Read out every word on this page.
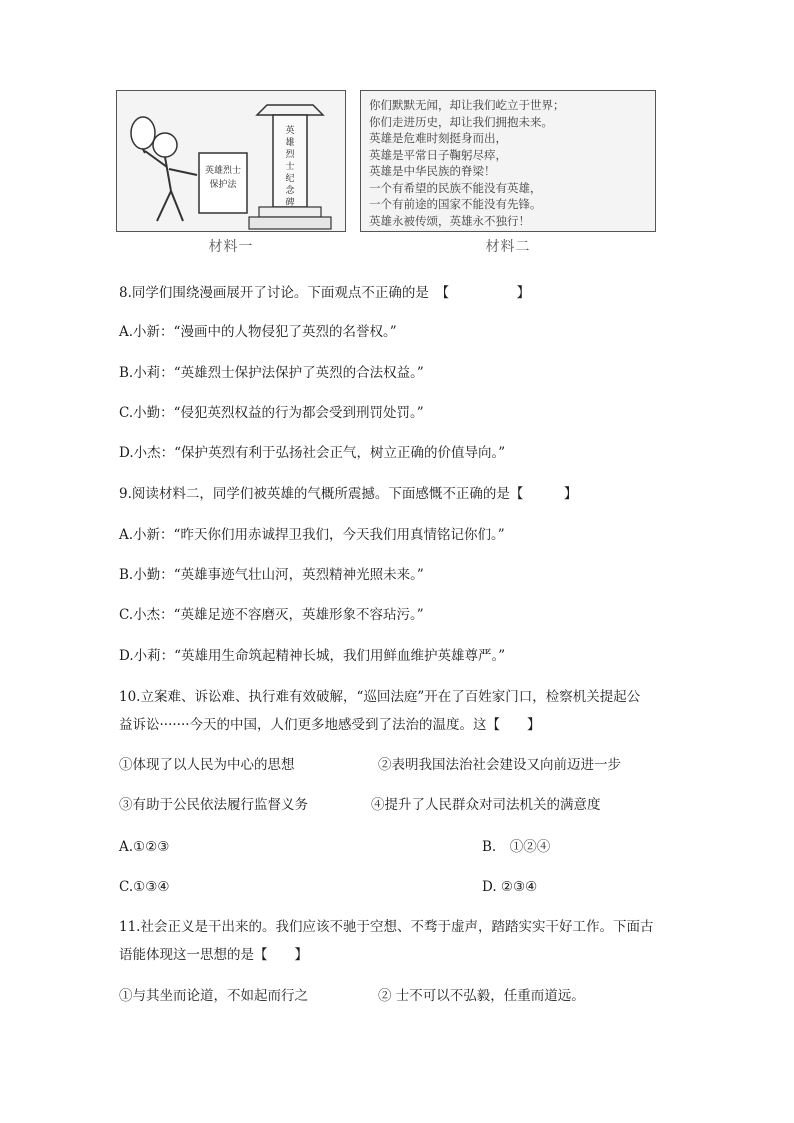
英
雄
烈
士
纪
念
碑
英雄烈士
保护法
材料一
你们默默无闻，却让我们屹立于世界；
你们走进历史，却让我们拥抱未来。
英雄是危难时刻挺身而出，
英雄是平常日子鞠躬尽瘁，
英雄是中华民族的脊梁！
一个有希望的民族不能没有英雄，
一个有前途的国家不能没有先锋。
英雄永被传颂，英雄永不独行！
材料二
8.同学们围绕漫画展开了讨论。下面观点不正确的是　【　　　　　】
A.小新：“漫画中的人物侵犯了英烈的名誉权。”
B.小莉：“英雄烈士保护法保护了英烈的合法权益。”
C.小勤：“侵犯英烈权益的行为都会受到刑罚处罚。”
D.小杰：“保护英烈有利于弘扬社会正气，树立正确的价值导向。”
9.阅读材料二，同学们被英雄的气概所震撼。下面感慨不正确的是【　　　】
A.小新：“昨天你们用赤诚捍卫我们，今天我们用真情铭记你们。”
B.小勤：“英雄事迹气壮山河，英烈精神光照未来。”
C.小杰：“英雄足迹不容磨灭，英雄形象不容玷污。”
D.小莉：“英雄用生命筑起精神长城，我们用鲜血维护英雄尊严。”
10.立案难、诉讼难、执行难有效破解，“巡回法庭”开在了百姓家门口，检察机关提起公
益诉讼·······今天的中国，人们更多地感受到了法治的温度。这【　　】
①体现了以人民为中心的思想	②表明我国法治社会建设又向前迈进一步
③有助于公民依法履行监督义务	④提升了人民群众对司法机关的满意度
A.①②③	B.　①②④
C.①③④	D. ②③④
11.社会正义是干出来的。我们应该不驰于空想、不骛于虚声，踏踏实实干好工作。下面古
语能体现这一思想的是【　　】
①与其坐而论道，不如起而行之	② 士不可以不弘毅，任重而道远。
